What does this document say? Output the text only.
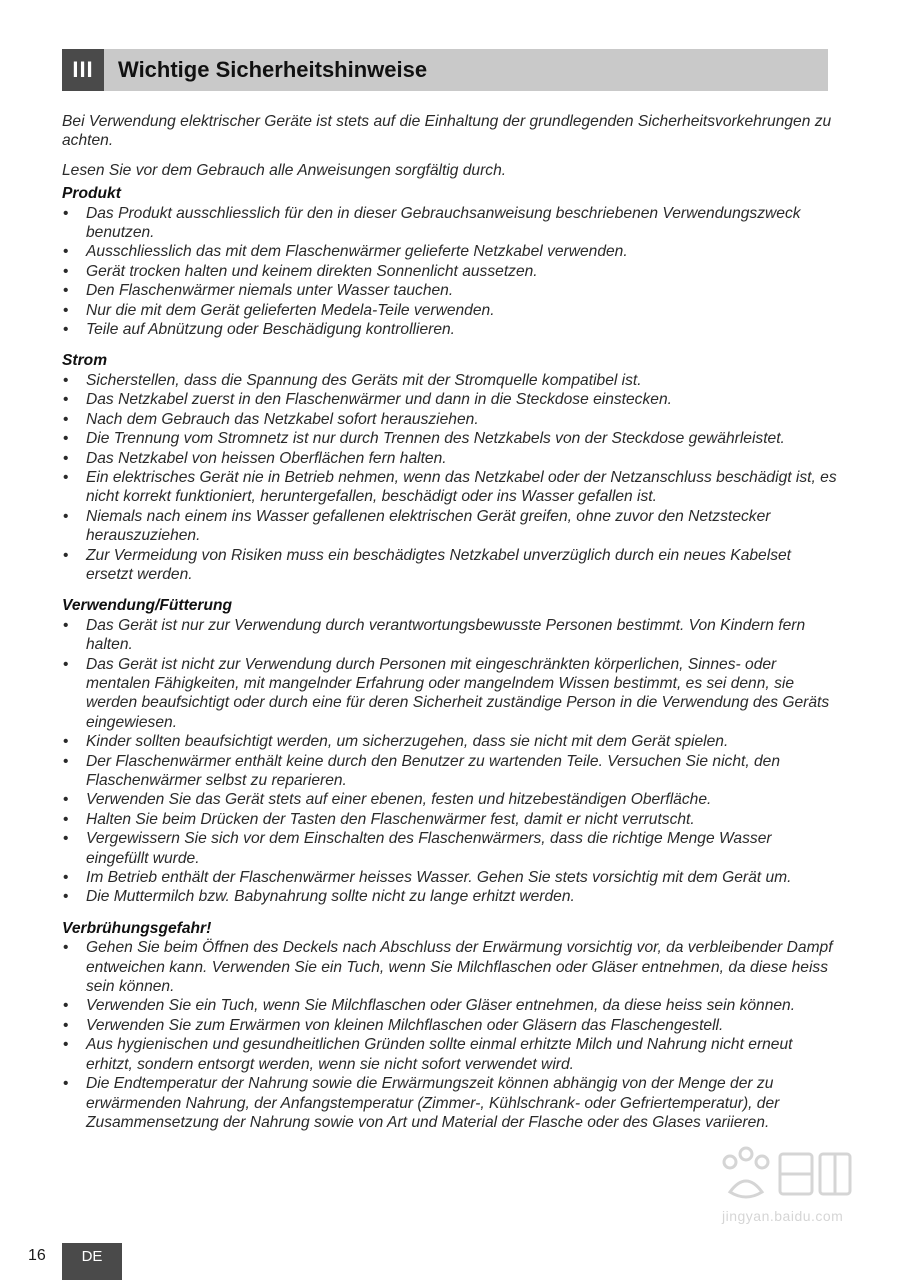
III	Wichtige Sicherheitshinweise

Bei Verwendung elektrischer Geräte ist stets auf die Einhaltung der grundlegenden Sicherheitsvorkehrungen zu achten.

Lesen Sie vor dem Gebrauch alle Anweisungen sorgfältig durch.

Produkt

• Das Produkt ausschliesslich für den in dieser Gebrauchsanweisung beschriebenen Verwendungszweck benutzen.
• Ausschliesslich das mit dem Flaschenwärmer gelieferte Netzkabel verwenden.
• Gerät trocken halten und keinem direkten Sonnenlicht aussetzen.
• Den Flaschenwärmer niemals unter Wasser tauchen.
• Nur die mit dem Gerät gelieferten Medela-Teile verwenden.
• Teile auf Abnützung oder Beschädigung kontrollieren.

Strom

• Sicherstellen, dass die Spannung des Geräts mit der Stromquelle kompatibel ist.
• Das Netzkabel zuerst in den Flaschenwärmer und dann in die Steckdose einstecken.
• Nach dem Gebrauch das Netzkabel sofort herausziehen.
• Die Trennung vom Stromnetz ist nur durch Trennen des Netzkabels von der Steckdose gewährleistet.
• Das Netzkabel von heissen Oberflächen fern halten.
• Ein elektrisches Gerät nie in Betrieb nehmen, wenn das Netzkabel oder der Netzanschluss beschädigt ist, es nicht korrekt funktioniert, heruntergefallen, beschädigt oder ins Wasser gefallen ist.
• Niemals nach einem ins Wasser gefallenen elektrischen Gerät greifen, ohne zuvor den Netzstecker herauszuziehen.
• Zur Vermeidung von Risiken muss ein beschädigtes Netzkabel unverzüglich durch ein neues Kabelset ersetzt werden.

Verwendung/Fütterung

• Das Gerät ist nur zur Verwendung durch verantwortungsbewusste Personen bestimmt. Von Kindern fern halten.
• Das Gerät ist nicht zur Verwendung durch Personen mit eingeschränkten körperlichen, Sinnes- oder mentalen Fähigkeiten, mit mangelnder Erfahrung oder mangelndem Wissen bestimmt, es sei denn, sie werden beaufsichtigt oder durch eine für deren Sicherheit zuständige Person in die Verwendung des Geräts eingewiesen.
• Kinder sollten beaufsichtigt werden, um sicherzugehen, dass sie nicht mit dem Gerät spielen.
• Der Flaschenwärmer enthält keine durch den Benutzer zu wartenden Teile. Versuchen Sie nicht, den Flaschenwärmer selbst zu reparieren.
• Verwenden Sie das Gerät stets auf einer ebenen, festen und hitzebeständigen Oberfläche.
• Halten Sie beim Drücken der Tasten den Flaschenwärmer fest, damit er nicht verrutscht.
• Vergewissern Sie sich vor dem Einschalten des Flaschenwärmers, dass die richtige Menge Wasser eingefüllt wurde.
• Im Betrieb enthält der Flaschenwärmer heisses Wasser. Gehen Sie stets vorsichtig mit dem Gerät um.
• Die Muttermilch bzw. Babynahrung sollte nicht zu lange erhitzt werden.

Verbrühungsgefahr!

• Gehen Sie beim Öffnen des Deckels nach Abschluss der Erwärmung vorsichtig vor, da verbleibender Dampf entweichen kann. Verwenden Sie ein Tuch, wenn Sie Milchflaschen oder Gläser entnehmen, da diese heiss sein können.
• Verwenden Sie ein Tuch, wenn Sie Milchflaschen oder Gläser entnehmen, da diese heiss sein können.
• Verwenden Sie zum Erwärmen von kleinen Milchflaschen oder Gläsern das Flaschengestell.
• Aus hygienischen und gesundheitlichen Gründen sollte einmal erhitzte Milch und Nahrung nicht erneut erhitzt, sondern entsorgt werden, wenn sie nicht sofort verwendet wird.
• Die Endtemperatur der Nahrung sowie die Erwärmungszeit können abhängig von der Menge der zu erwärmenden Nahrung, der Anfangstemperatur (Zimmer-, Kühlschrank- oder Gefriertemperatur), der Zusammensetzung der Nahrung sowie von Art und Material der Flasche oder des Glases variieren.
jingyan.baidu.com
16	DE
